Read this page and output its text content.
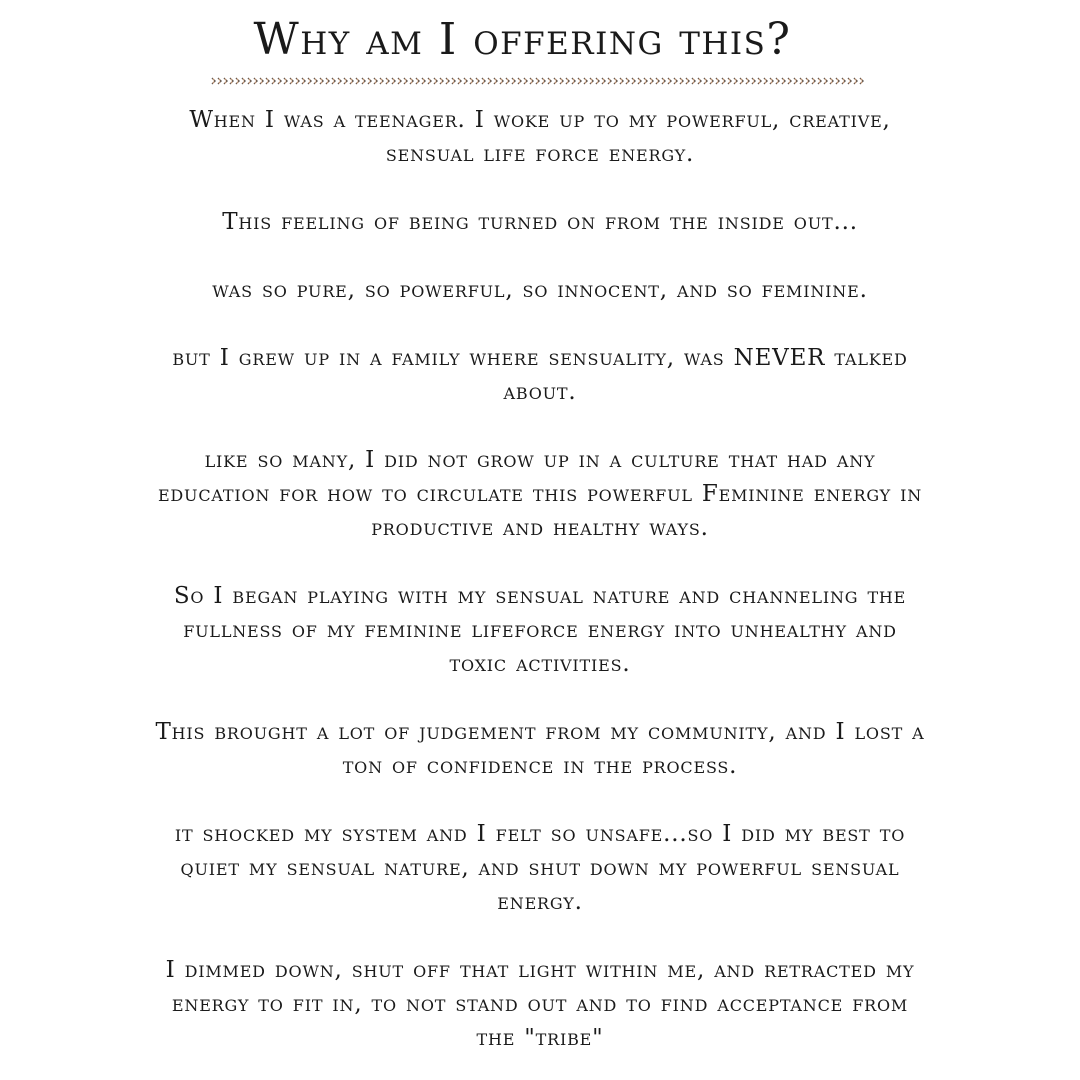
Why am I offering this?

When I was a teenager. I woke up to my powerful, creative, sensual life force energy.

This feeling of being turned on from the inside out...

was so pure, so powerful, so innocent, and so feminine.

but I grew up in a family where sensuality, was NEVER talked about.

like so many, I did not grow up in a culture that had any education for how to circulate this powerful Feminine energy in productive and healthy ways.

So I began playing with my sensual nature and channeling the fullness of my feminine lifeforce energy into unhealthy and toxic activities.

This brought a lot of judgement from my community, and I lost a ton of confidence in the process.

it shocked my system and I felt so unsafe...so I did my best to quiet my sensual nature, and shut down my powerful sensual energy.

I dimmed down, shut off that light within me, and retracted my energy to fit in, to not stand out and to find acceptance from the "tribe"
